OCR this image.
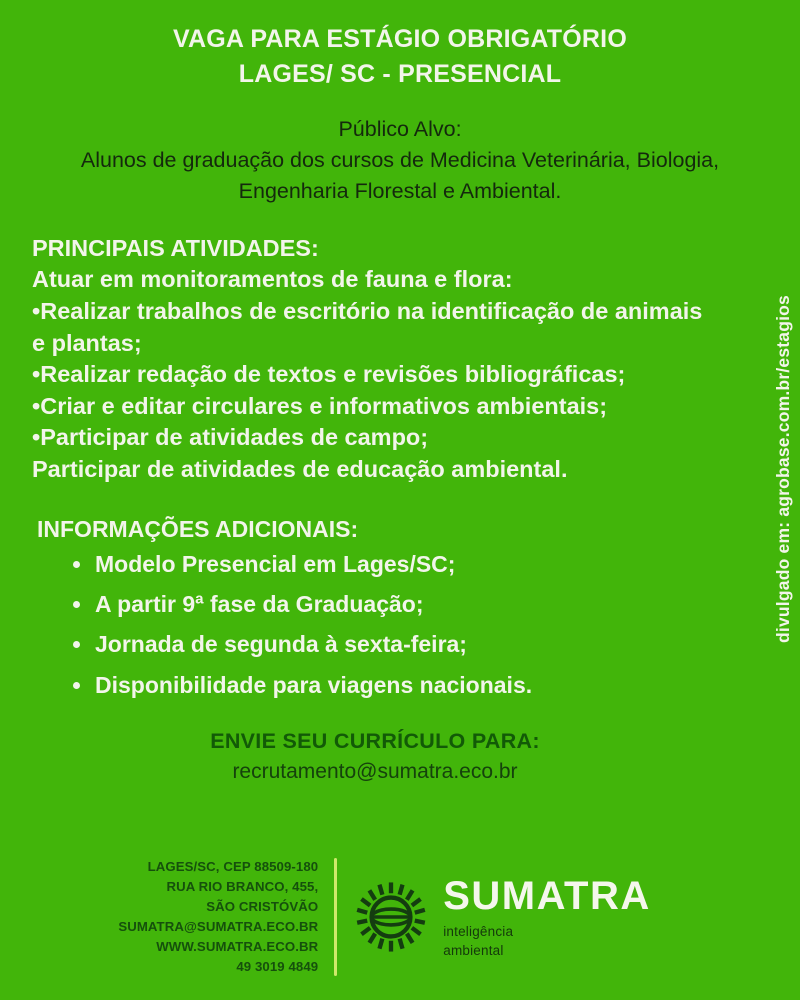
VAGA PARA ESTÁGIO OBRIGATÓRIO
LAGES/ SC - PRESENCIAL
Público Alvo:
Alunos de graduação dos cursos de Medicina Veterinária, Biologia,
Engenharia Florestal e Ambiental.
PRINCIPAIS ATIVIDADES:
Atuar em monitoramentos de fauna e flora:
•Realizar trabalhos de escritório na identificação de animais
e plantas;
•Realizar redação de textos e revisões bibliográficas;
•Criar e editar circulares e informativos ambientais;
•Participar de atividades de campo;
Participar de atividades de educação ambiental.
INFORMAÇÕES ADICIONAIS:
Modelo Presencial em Lages/SC;
A partir 9ª fase da Graduação;
Jornada de segunda à sexta-feira;
Disponibilidade para viagens nacionais.
ENVIE SEU CURRÍCULO PARA:
recrutamento@sumatra.eco.br
LAGES/SC, CEP 88509-180
RUA RIO BRANCO, 455,
SÃO CRISTÓVÃO
SUMATRA@SUMATRA.ECO.BR
WWW.SUMATRA.ECO.BR
49 3019 4849
SUMATRA
inteligência
ambiental
divulgado em: agrobase.com.br/estagios
